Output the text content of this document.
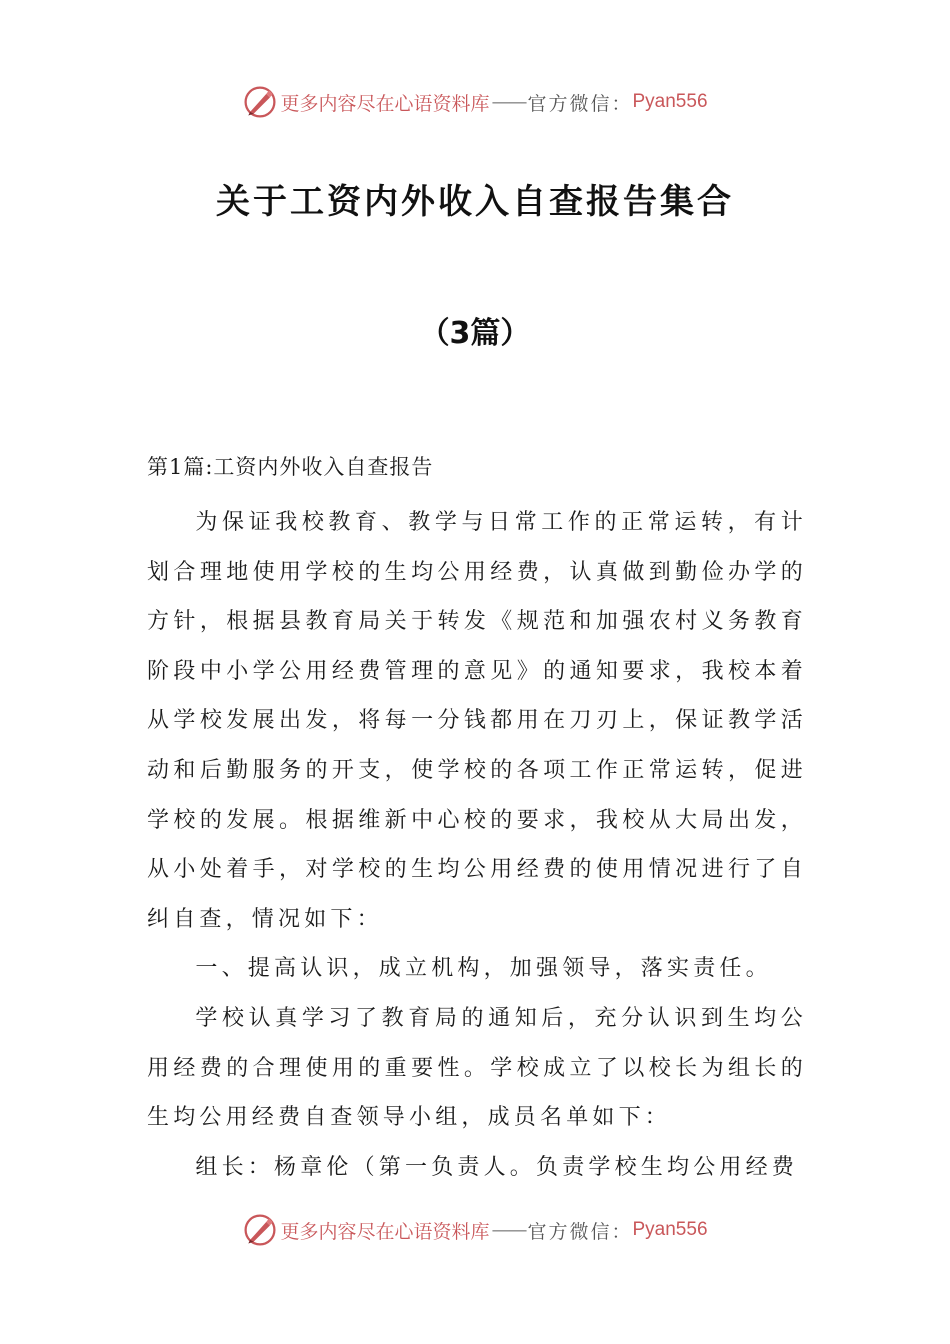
更多内容尽在心语资料库 —— 官方微信： Pyan556
关于工资内外收入自查报告集合
（3篇）
第1篇:工资内外收入自查报告

为保证我校教育、教学与日常工作的正常运转，有计划合理地使用学校的生均公用经费，认真做到勤俭办学的方针，根据县教育局关于转发《规范和加强农村义务教育阶段中小学公用经费管理的意见》的通知要求，我校本着从学校发展出发，将每一分钱都用在刀刃上，保证教学活动和后勤服务的开支，使学校的各项工作正常运转，促进学校的发展。根据维新中心校的要求，我校从大局出发，从小处着手，对学校的生均公用经费的使用情况进行了自纠自查，情况如下：

一、提高认识，成立机构，加强领导，落实责任。

学校认真学习了教育局的通知后，充分认识到生均公用经费的合理使用的重要性。学校成立了以校长为组长的生均公用经费自查领导小组，成员名单如下：

组长：杨章伦（第一负责人。负责学校生均公用经费

更多内容尽在心语资料库 —— 官方微信： Pyan556
